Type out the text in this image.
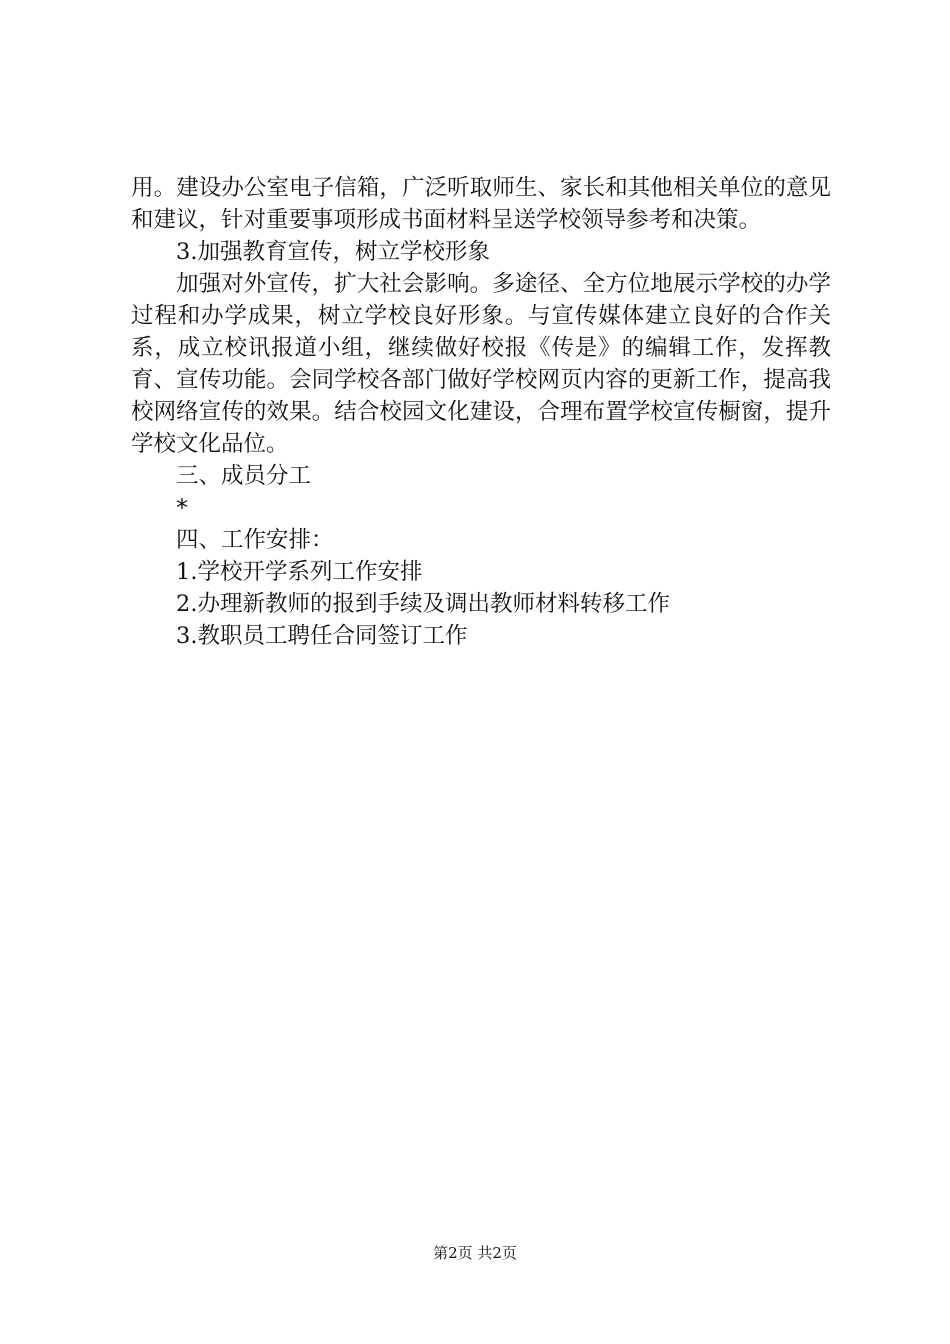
用。建设办公室电子信箱，广泛听取师生、家长和其他相关单位的意见和建议，针对重要事项形成书面材料呈送学校领导参考和决策。

3.加强教育宣传，树立学校形象

加强对外宣传，扩大社会影响。多途径、全方位地展示学校的办学过程和办学成果，树立学校良好形象。与宣传媒体建立良好的合作关系，成立校讯报道小组，继续做好校报《传是》的编辑工作，发挥教育、宣传功能。会同学校各部门做好学校网页内容的更新工作，提高我校网络宣传的效果。结合校园文化建设，合理布置学校宣传橱窗，提升学校文化品位。

三、成员分工

*

四、工作安排：

1.学校开学系列工作安排

2.办理新教师的报到手续及调出教师材料转移工作

3.教职员工聘任合同签订工作

第2页 共2页
